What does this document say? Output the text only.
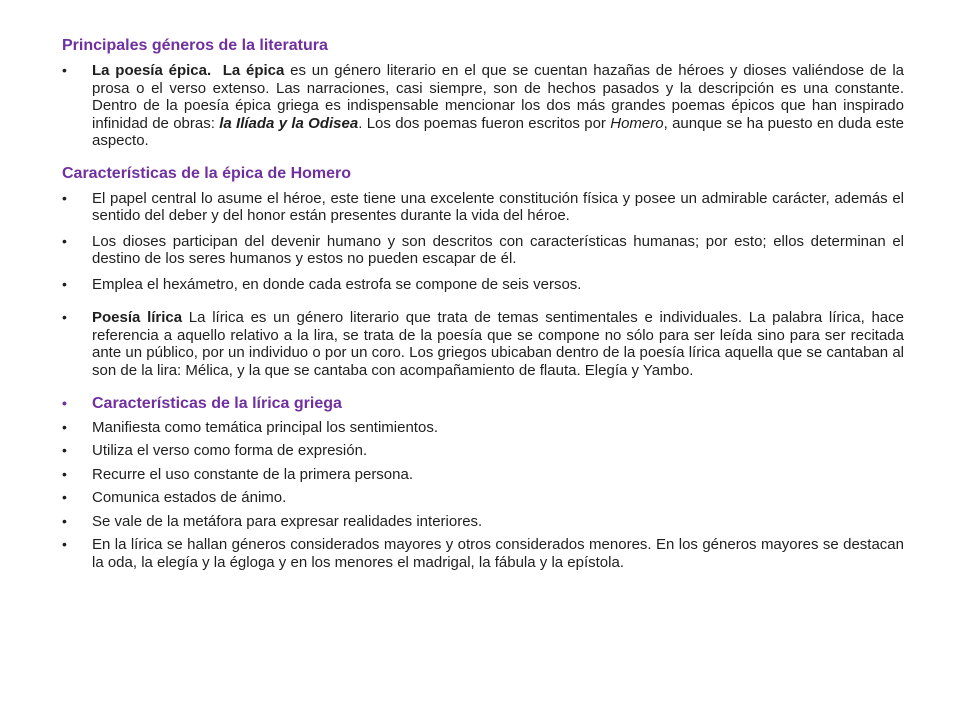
Principales géneros de la literatura
• La poesía épica. La épica es un género literario en el que se cuentan hazañas de héroes y dioses valiéndose de la prosa o el verso extenso. Las narraciones, casi siempre, son de hechos pasados y la descripción es una constante. Dentro de la poesía épica griega es indispensable mencionar los dos más grandes poemas épicos que han inspirado infinidad de obras: la Ilíada y la Odisea. Los dos poemas fueron escritos por Homero, aunque se ha puesto en duda este aspecto.
Características de la épica de Homero
• El papel central lo asume el héroe, este tiene una excelente constitución física y posee un admirable carácter, además el sentido del deber y del honor están presentes durante la vida del héroe.
• Los dioses participan del devenir humano y son descritos con características humanas; por esto; ellos determinan el destino de los seres humanos y estos no pueden escapar de él.
• Emplea el hexámetro, en donde cada estrofa se compone de seis versos.
• Poesía lírica La lírica es un género literario que trata de temas sentimentales e individuales. La palabra lírica, hace referencia a aquello relativo a la lira, se trata de la poesía que se compone no sólo para ser leída sino para ser recitada ante un público, por un individuo o por un coro. Los griegos ubicaban dentro de la poesía lírica aquella que se cantaban al son de la lira: Mélica, y la que se cantaba con acompañamiento de flauta. Elegía y Yambo.
• Características de la lírica griega
• Manifiesta como temática principal los sentimientos.
• Utiliza el verso como forma de expresión.
• Recurre el uso constante de la primera persona.
• Comunica estados de ánimo.
• Se vale de la metáfora para expresar realidades interiores.
• En la lírica se hallan géneros considerados mayores y otros considerados menores. En los géneros mayores se destacan la oda, la elegía y la égloga y en los menores el madrigal, la fábula y la epístola.
